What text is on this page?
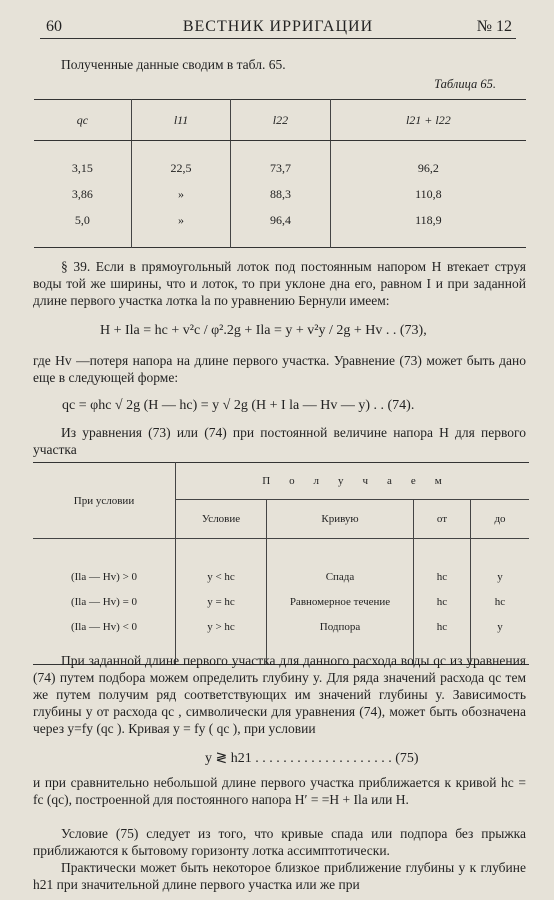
60	ВЕСТНИК ИРРИГАЦИИ	№ 12
Полученные данные сводим в табл. 65.
Таблица 65.
qc	l11	l22	l21 + l22

3,15	22,5	73,7	96,2
3,86	»	88,3	110,8
5,0	»	96,4	118,9

§ 39. Если в прямоугольный лоток под постоянным напором H втекает струя воды той же ширины, что и лоток, то при уклоне дна его, равном I и при заданной длине первого участка лотка la по уравнению Бернули имеем:
H + Ila = hc + v²c / φ².2g + Ila = y + v²y / 2g + Hv . . (73),
где Hv —потеря напора на длине первого участка. Уравнение (73) может быть дано еще в следующей форме:
qc = φhc √ 2g (H — hc) = y √ 2g (H + I la — Hv — y) . . (74).
Из уравнения (73) или (74) при постоянной величине напора H для первого участка
При условии	Получаем			
	Условие	Кривую	от	до

(Ila — Hv) > 0	y < hc	Спада	hc	y
(Ila — Hv) = 0	y = hc	Равномерное течение	hc	hc
(Ila — Hv) < 0	y > hc	Подпора	hc	y

При заданной длине первого участка для данного расхода воды qc из уравнения (74) путем подбора можем определить глубину y. Для ряда значений расхода qc тем же путем получим ряд соответствующих им значений глубины y. Зависимость глубины y от расхода qc , символически для уравнения (74), может быть обозначена через y=fy (qc ). Кривая y = fy ( qc ), при условии
y ≷ h21 . . . . . . . . . . . . . . . . . . . . (75)
и при сравнительно небольшой длине первого участка приближается к кривой hc = fc (qc), построенной для постоянного напора H′ = =H + Ila или H.
Условие (75) следует из того, что кривые спада или подпора без прыжка приближаются к бытовому горизонту лотка ассимптотически.
Практически может быть некоторое близкое приближение глубины y к глубине h21 при значительной длине первого участка или же при
